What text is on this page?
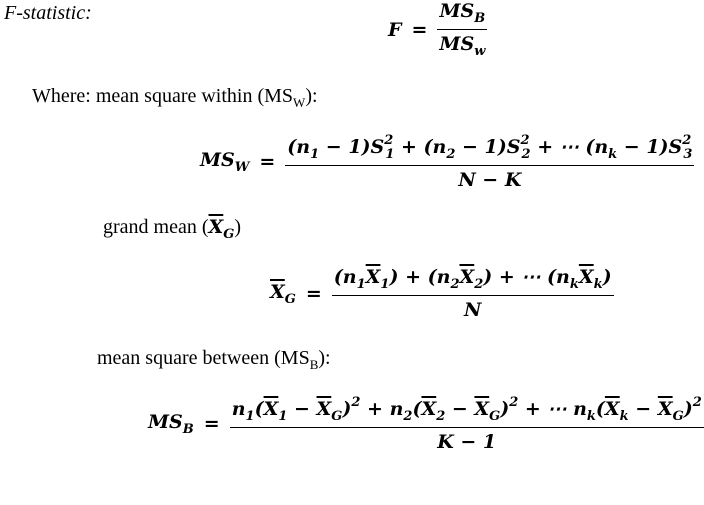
F-statistic:
$F = \frac{MS_B}{MS_w}$
Where: mean square within $(MS_W)$:
$MS_W = \frac{(n_1 - 1)S^2_1 + (n_2 - 1)S^2_2 + \cdots (n_k - 1)S^2_3}{N - K}$
grand mean $(\overline{X}_G)$
$\overline{X}_G = \frac{(n_1\overline{X}_1) + (n_2\overline{X}_2) + \cdots (n_k\overline{X}_k)}{N}$
mean square between $(MS_B)$:
$MS_B = \frac{n_1(\overline{X}_1 - \overline{X}_G)^2 + n_2(\overline{X}_2 - \overline{X}_G)^2 + \cdots n_k(\overline{X}_k - \overline{X}_G)^2}{K - 1}$
